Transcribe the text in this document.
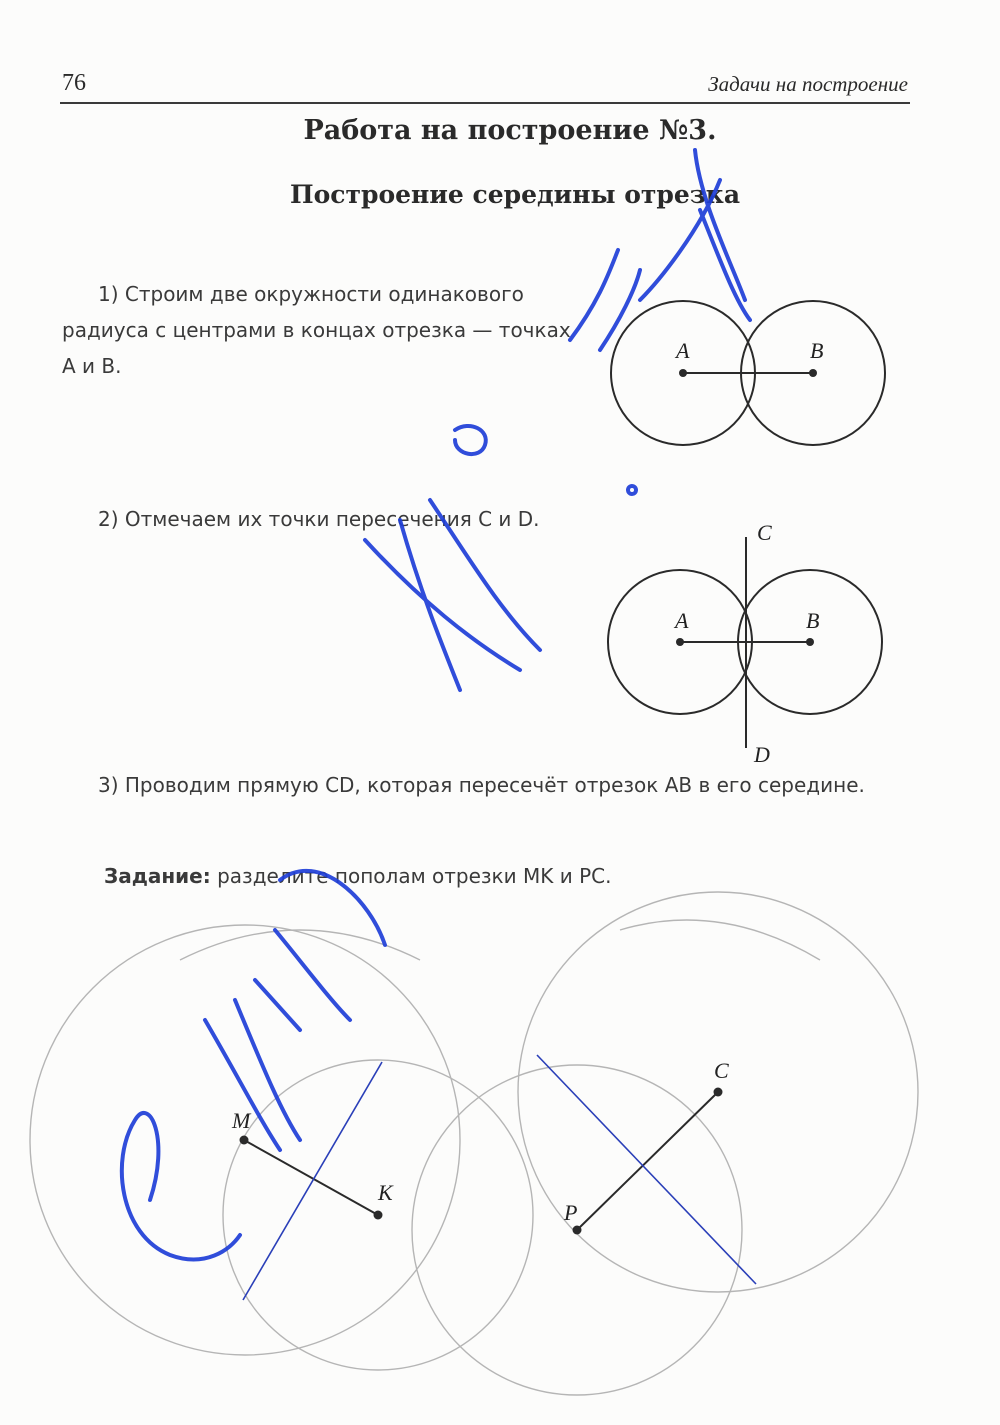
76	Задачи на построение
Работа на построение №3.
Построение середины отрезка
1) Строим две окружности одинакового радиуса с центрами в концах отрезка — точках A и B.
2) Отмечаем их точки пересечения C и D.
3) Проводим прямую CD, которая пересечёт отрезок AB в его середине.
Задание: разделите пополам отрезки MK и PC.
A	B
A	B
C
D
M
K
P
C
